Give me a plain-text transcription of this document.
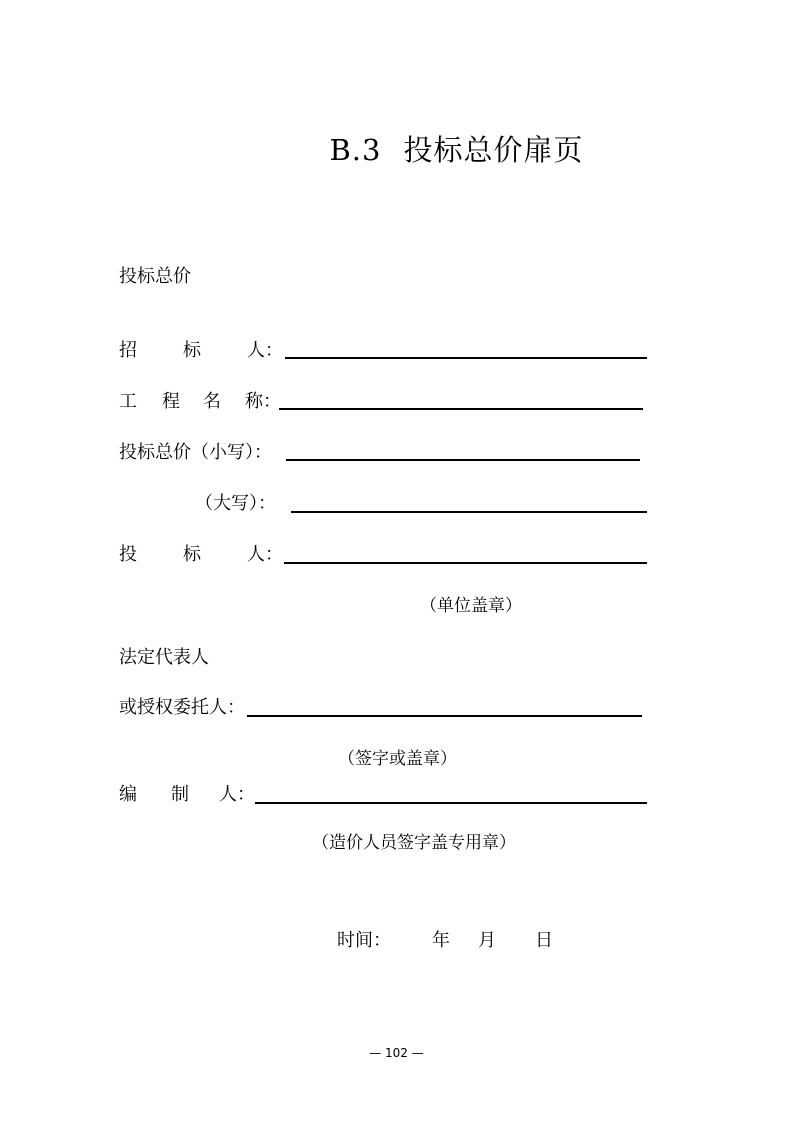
B.3 投标总价扉页
投标总价
招	标	人：
工 程 名 称：
投标总价（小写）：
（大写）：
投	标	人：
（单位盖章）
法定代表人
或授权委托人：
（签字或盖章）
编 制 人：
（造价人员签字盖专用章）
时间： 年 月 日
— 102 —
